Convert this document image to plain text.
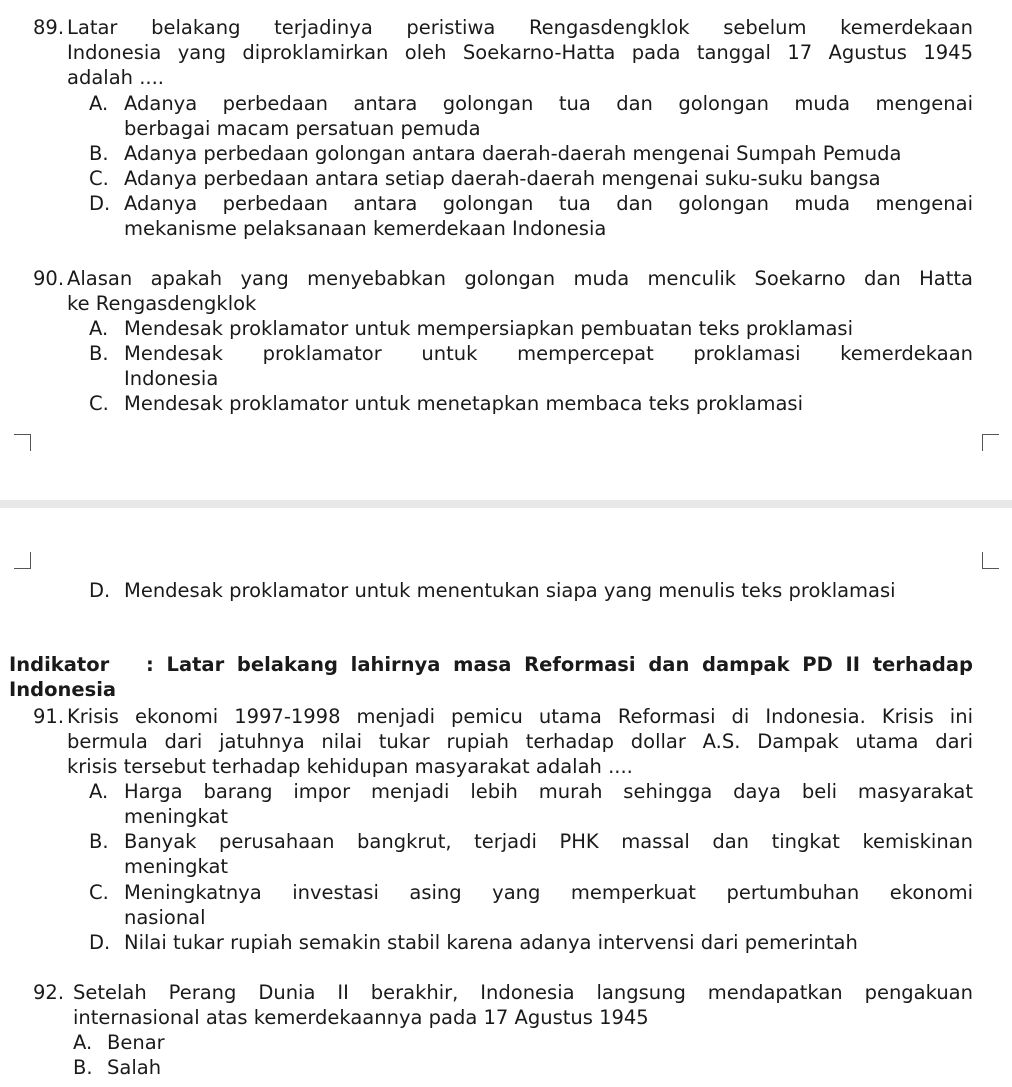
89. Latar belakang terjadinya peristiwa Rengasdengklok sebelum kemerdekaan
Indonesia yang diproklamirkan oleh Soekarno-Hatta pada tanggal 17 Agustus 1945
adalah ....
A. Adanya perbedaan antara golongan tua dan golongan muda mengenai
berbagai macam persatuan pemuda
B. Adanya perbedaan golongan antara daerah-daerah mengenai Sumpah Pemuda
C. Adanya perbedaan antara setiap daerah-daerah mengenai suku-suku bangsa
D. Adanya perbedaan antara golongan tua dan golongan muda mengenai
mekanisme pelaksanaan kemerdekaan Indonesia
90. Alasan apakah yang menyebabkan golongan muda menculik Soekarno dan Hatta
ke Rengasdengklok
A. Mendesak proklamator untuk mempersiapkan pembuatan teks proklamasi
B. Mendesak proklamator untuk mempercepat proklamasi kemerdekaan
Indonesia
C. Mendesak proklamator untuk menetapkan membaca teks proklamasi
D. Mendesak proklamator untuk menentukan siapa yang menulis teks proklamasi
Indikator : Latar belakang lahirnya masa Reformasi dan dampak PD II terhadap
Indonesia
91. Krisis ekonomi 1997-1998 menjadi pemicu utama Reformasi di Indonesia. Krisis ini
bermula dari jatuhnya nilai tukar rupiah terhadap dollar A.S. Dampak utama dari
krisis tersebut terhadap kehidupan masyarakat adalah ....
A. Harga barang impor menjadi lebih murah sehingga daya beli masyarakat
meningkat
B. Banyak perusahaan bangkrut, terjadi PHK massal dan tingkat kemiskinan
meningkat
C. Meningkatnya investasi asing yang memperkuat pertumbuhan ekonomi
nasional
D. Nilai tukar rupiah semakin stabil karena adanya intervensi dari pemerintah
92. Setelah Perang Dunia II berakhir, Indonesia langsung mendapatkan pengakuan
internasional atas kemerdekaannya pada 17 Agustus 1945
A. Benar
B. Salah
